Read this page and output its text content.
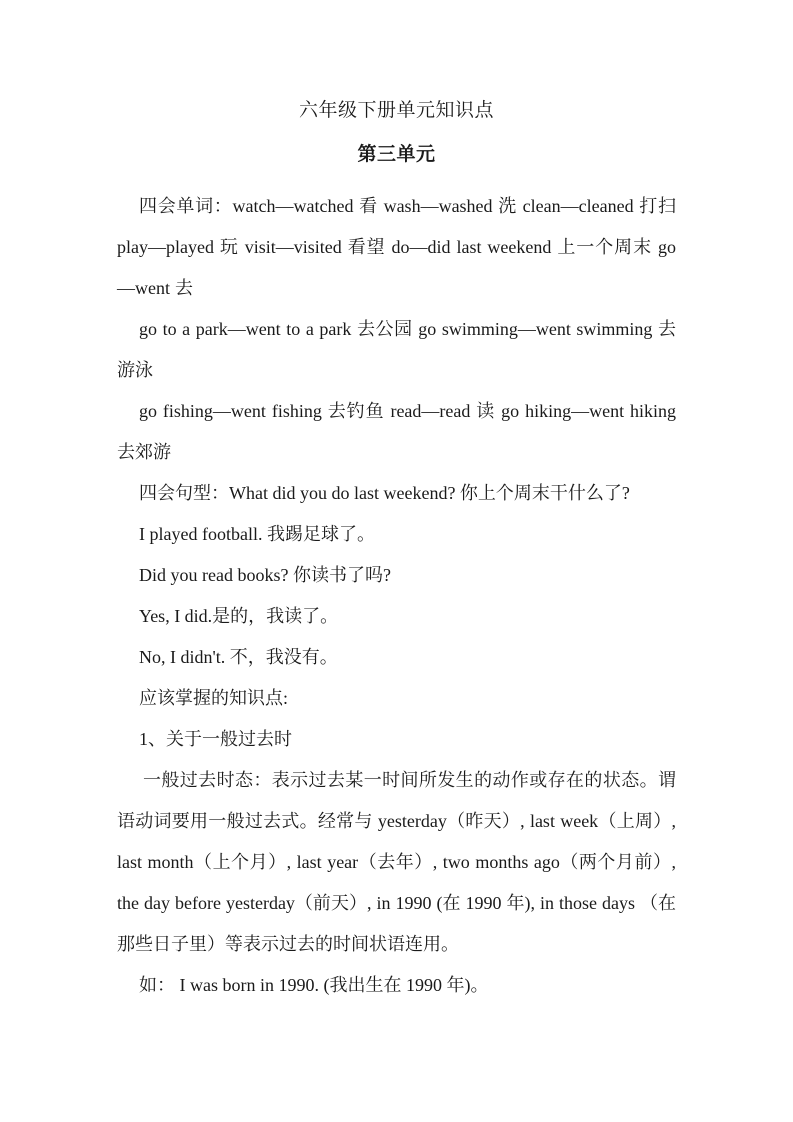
六年级下册单元知识点
第三单元

四会单词：watch—watched 看 wash—washed 洗 clean—cleaned 打扫 play—played 玩 visit—visited 看望 do—did last weekend 上一个周末 go—went 去

go to a park—went to a park 去公园 go swimming—went swimming 去游泳

go fishing—went fishing 去钓鱼 read—read 读 go hiking—went hiking 去郊游

四会句型：What did you do last weekend? 你上个周末干什么了?

I played football. 我踢足球了。

Did you read books? 你读书了吗?

Yes, I did.是的，我读了。

No, I didn't. 不，我没有。

应该掌握的知识点:

1、关于一般过去时

一般过去时态：表示过去某一时间所发生的动作或存在的状态。谓语动词要用一般过去式。经常与 yesterday（昨天）, last week（上周）, last month（上个月）, last year（去年）, two months ago（两个月前）, the day before yesterday（前天）, in 1990 (在 1990 年), in those days （在那些日子里）等表示过去的时间状语连用。

如： I was born in 1990. (我出生在 1990 年)。
